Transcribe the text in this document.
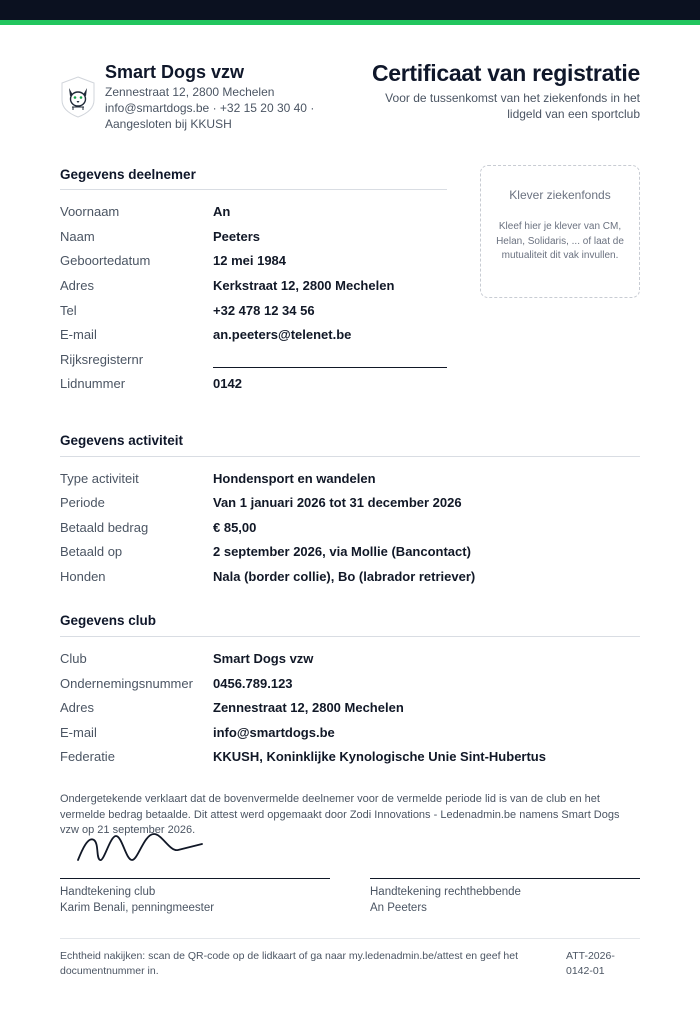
Smart Dogs vzw
Zennestraat 12, 2800 Mechelen
info@smartdogs.be · +32 15 20 30 40 ·
Aangesloten bij KKUSH
Certificaat van registratie
Voor de tussenkomst van het ziekenfonds in het
lidgeld van een sportclub
Gegevens deelnemer
Voornaam	An
Naam	Peeters
Geboortedatum	12 mei 1984
Adres	Kerkstraat 12, 2800 Mechelen
Tel	+32 478 12 34 56
E-mail	an.peeters@telenet.be
Rijksregisternr
Lidnummer	0142
Klever ziekenfonds
Kleef hier je klever van CM, Helan, Solidaris, ... of laat de mutualiteit dit vak invullen.
Gegevens activiteit
Type activiteit	Hondensport en wandelen
Periode	Van 1 januari 2026 tot 31 december 2026
Betaald bedrag	€ 85,00
Betaald op	2 september 2026, via Mollie (Bancontact)
Honden	Nala (border collie), Bo (labrador retriever)
Gegevens club
Club	Smart Dogs vzw
Ondernemingsnummer 0456.789.123
Adres	Zennestraat 12, 2800 Mechelen
E-mail	info@smartdogs.be
Federatie	KKUSH, Koninklijke Kynologische Unie Sint-Hubertus
Ondergetekende verklaart dat de bovenvermelde deelnemer voor de vermelde periode lid is van de club en het vermelde bedrag betaalde. Dit attest werd opgemaakt door Zodi Innovations - Ledenadmin.be namens Smart Dogs vzw op 21 september 2026.
Handtekening club
Karim Benali, penningmeester
Handtekening rechthebbende
An Peeters
Echtheid nakijken: scan de QR-code op de lidkaart of ga naar my.ledenadmin.be/attest en geef het documentnummer in.
ATT-2026-0142-01
